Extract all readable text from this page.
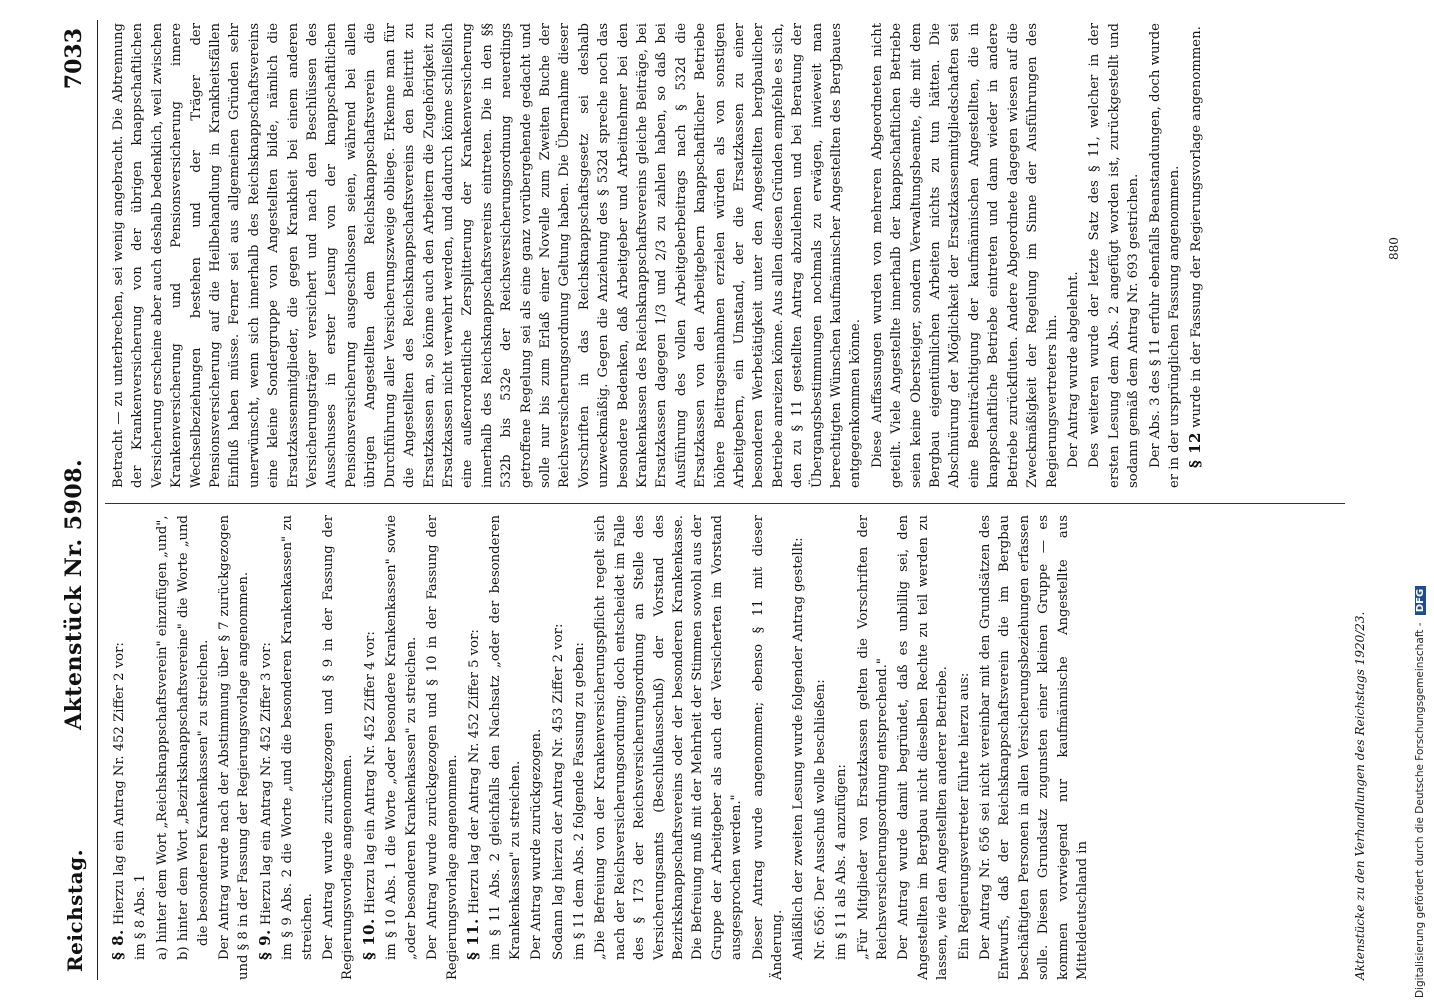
Reichstag.
Aktenstück Nr. 5908.
7033

§ 8. Hierzu lag ein Antrag Nr. 452 Ziffer 2 vor: im § 8 Abs. 1 a) hinter dem Wort „Reichsknappschaftsverein" einzufügen „und", b) hinter dem Wort „Bezirksknappschaftsvereine" die Worte „und die besonderen Krankenkassen" zu streichen. Der Antrag wurde nach der Abstimmung über § 7 zurückgezogen und § 8 in der Fassung der Regierungsvorlage angenommen. § 9. Hierzu lag ein Antrag Nr. 452 Ziffer 3 vor: im § 9 Abs. 2 die Worte „und die besonderen Krankenkassen" zu streichen. Der Antrag wurde zurückgezogen und § 9 in der Fassung der Regierungsvorlage angenommen. § 10. Hierzu lag ein Antrag Nr. 452 Ziffer 4 vor: im § 10 Abs. 1 die Worte „oder besondere Krankenkassen" sowie „oder besonderen Krankenkassen" zu streichen. Der Antrag wurde zurückgezogen und § 10 in der Fassung der Regierungsvorlage angenommen. § 11. Hierzu lag der Antrag Nr. 452 Ziffer 5 vor: im § 11 Abs. 2 gleichfalls den Nachsatz „oder der besonderen Krankenkassen" zu streichen. Der Antrag wurde zurückgezogen. Sodann lag hierzu der Antrag Nr. 453 Ziffer 2 vor: im § 11 dem Abs. 2 folgende Fassung zu geben: „Die Befreiung von der Krankenversicherungspflicht regelt sich nach der Reichsversicherungsordnung; doch entscheidet im Falle des § 173 der Reichsversicherungsordnung an Stelle des Versicherungsamts (Beschlußausschuß) der Vorstand des Bezirksknappschaftsvereins oder der besonderen Krankenkasse. Die Befreiung muß mit der Mehrheit der Stimmen sowohl aus der Gruppe der Arbeitgeber als auch der Versicherten im Vorstand ausgesprochen werden." Dieser Antrag wurde angenommen; ebenso § 11 mit dieser Änderung. Anläßlich der zweiten Lesung wurde folgender Antrag gestellt: Nr. 656: Der Ausschuß wolle beschließen: im § 11 als Abs. 4 anzufügen: „Für Mitglieder von Ersatzkassen gelten die Vorschriften der Reichsversicherungsordnung entsprechend." Der Antrag wurde damit begründet, daß es unbillig sei, den Angestellten im Bergbau nicht dieselben Rechte zu teil werden zu lassen, wie den Angestellten anderer Betriebe. Ein Regierungsvertreter führte hierzu aus: Der Antrag Nr. 656 sei nicht vereinbar mit den Grundsätzen des Entwurfs, daß der Reichsknappschaftsverein die im Bergbau beschäftigten Personen in allen Versicherungsbeziehungen erfassen solle. Diesen Grundsatz zugunsten einer kleinen Gruppe — es kommen vorwiegend nur kaufmännische Angestellte aus Mitteldeutschland in

Betracht — zu unterbrechen, sei wenig angebracht. Die Abtrennung der Krankenversicherung von der übrigen knappschaftlichen Versicherung erscheine aber auch deshalb bedenklich, weil zwischen Krankenversicherung und Pensionsversicherung innere Wechselbeziehungen bestehen und der Träger der Pensionsversicherung auf die Heilbehandlung in Krankheitsfällen Einfluß haben müsse. Ferner sei aus allgemeinen Gründen sehr unerwünscht, wenn sich innerhalb des Reichsknappschaftsvereins eine kleine Sondergruppe von Angestellten bilde, nämlich die Ersatzkassenmitglieder, die gegen Krankheit bei einem anderen Versicherungsträger versichert und nach den Beschlüssen des Ausschusses in erster Lesung von der knappschaftlichen Pensionsversicherung ausgeschlossen seien, während bei allen übrigen Angestellten dem Reichsknappschaftsverein die Durchführung aller Versicherungszweige obliege. Erkenne man für die Angestellten des Reichsknappschaftsvereins den Beitritt zu Ersatzkassen an, so könne auch den Arbeitern die Zugehörigkeit zu Ersatzkassen nicht verwehrt werden, und dadurch könne schließlich eine außerordentliche Zersplitterung der Krankenversicherung innerhalb des Reichsknappschaftsvereins eintreten. Die in den §§ 532b bis 532e der Reichsversicherungsordnung neuerdings getroffene Regelung sei als eine ganz vorübergehende gedacht und solle nur bis zum Erlaß einer Novelle zum Zweiten Buche der Reichsversicherungsordnung Geltung haben. Die Übernahme dieser Vorschriften in das Reichsknappschaftsgesetz sei deshalb unzweckmäßig. Gegen die Anziehung des § 532d spreche noch das besondere Bedenken, daß Arbeitgeber und Arbeitnehmer bei den Krankenkassen des Reichsknappschaftsvereins gleiche Beiträge, bei Ersatzkassen dagegen 1/3 und 2/3 zu zahlen haben, so daß bei Ausführung des vollen Arbeitgeberbeitrags nach § 532d die Ersatzkassen von den Arbeitgebern knappschaftlicher Betriebe höhere Beitragseinnahmen erzielen würden als von sonstigen Arbeitgebern, ein Umstand, der die Ersatzkassen zu einer besonderen Werbetätigkeit unter den Angestellten bergbaulicher Betriebe anreizen könne. Aus allen diesen Gründen empfehle es sich, den zu § 11 gestellten Antrag abzulehnen und bei Beratung der Übergangsbestimmungen nochmals zu erwägen, inwieweit man berechtigten Wünschen kaufmännischer Angestellten des Bergbaues entgegenkommen könne. Diese Auffassungen wurden von mehreren Abgeordneten nicht geteilt. Viele Angestellte innerhalb der knappschaftlichen Betriebe seien keine Obersteiger, sondern Verwaltungsbeamte, die mit dem Bergbau eigentümlichen Arbeiten nichts zu tun hätten. Die Abschnürung der Möglichkeit der Ersatzkassenmitgliedschaften sei eine Beeinträchtigung der kaufmännischen Angestellten, die in knappschaftliche Betriebe eintreten und dann wieder in andere Betriebe zurückfluten. Andere Abgeordnete dagegen wiesen auf die Zweckmäßigkeit der Regelung im Sinne der Ausführungen des Regierungsvertreters hin. Der Antrag wurde abgelehnt. Des weiteren wurde der letzte Satz des § 11, welcher in der ersten Lesung dem Abs. 2 angefügt worden ist, zurückgestellt und sodann gemäß dem Antrag Nr. 693 gestrichen. Der Abs. 3 des § 11 erfuhr ebenfalls Beanstandungen, doch wurde er in der ursprünglichen Fassung angenommen. § 12 wurde in der Fassung der Regierungsvorlage angenommen.

Aktenstücke zu den Verhandlungen des Reichstags 1920/23.
880
Digitalisierung gefördert durch die Deutsche Forschungsgemeinschaft - DFG
